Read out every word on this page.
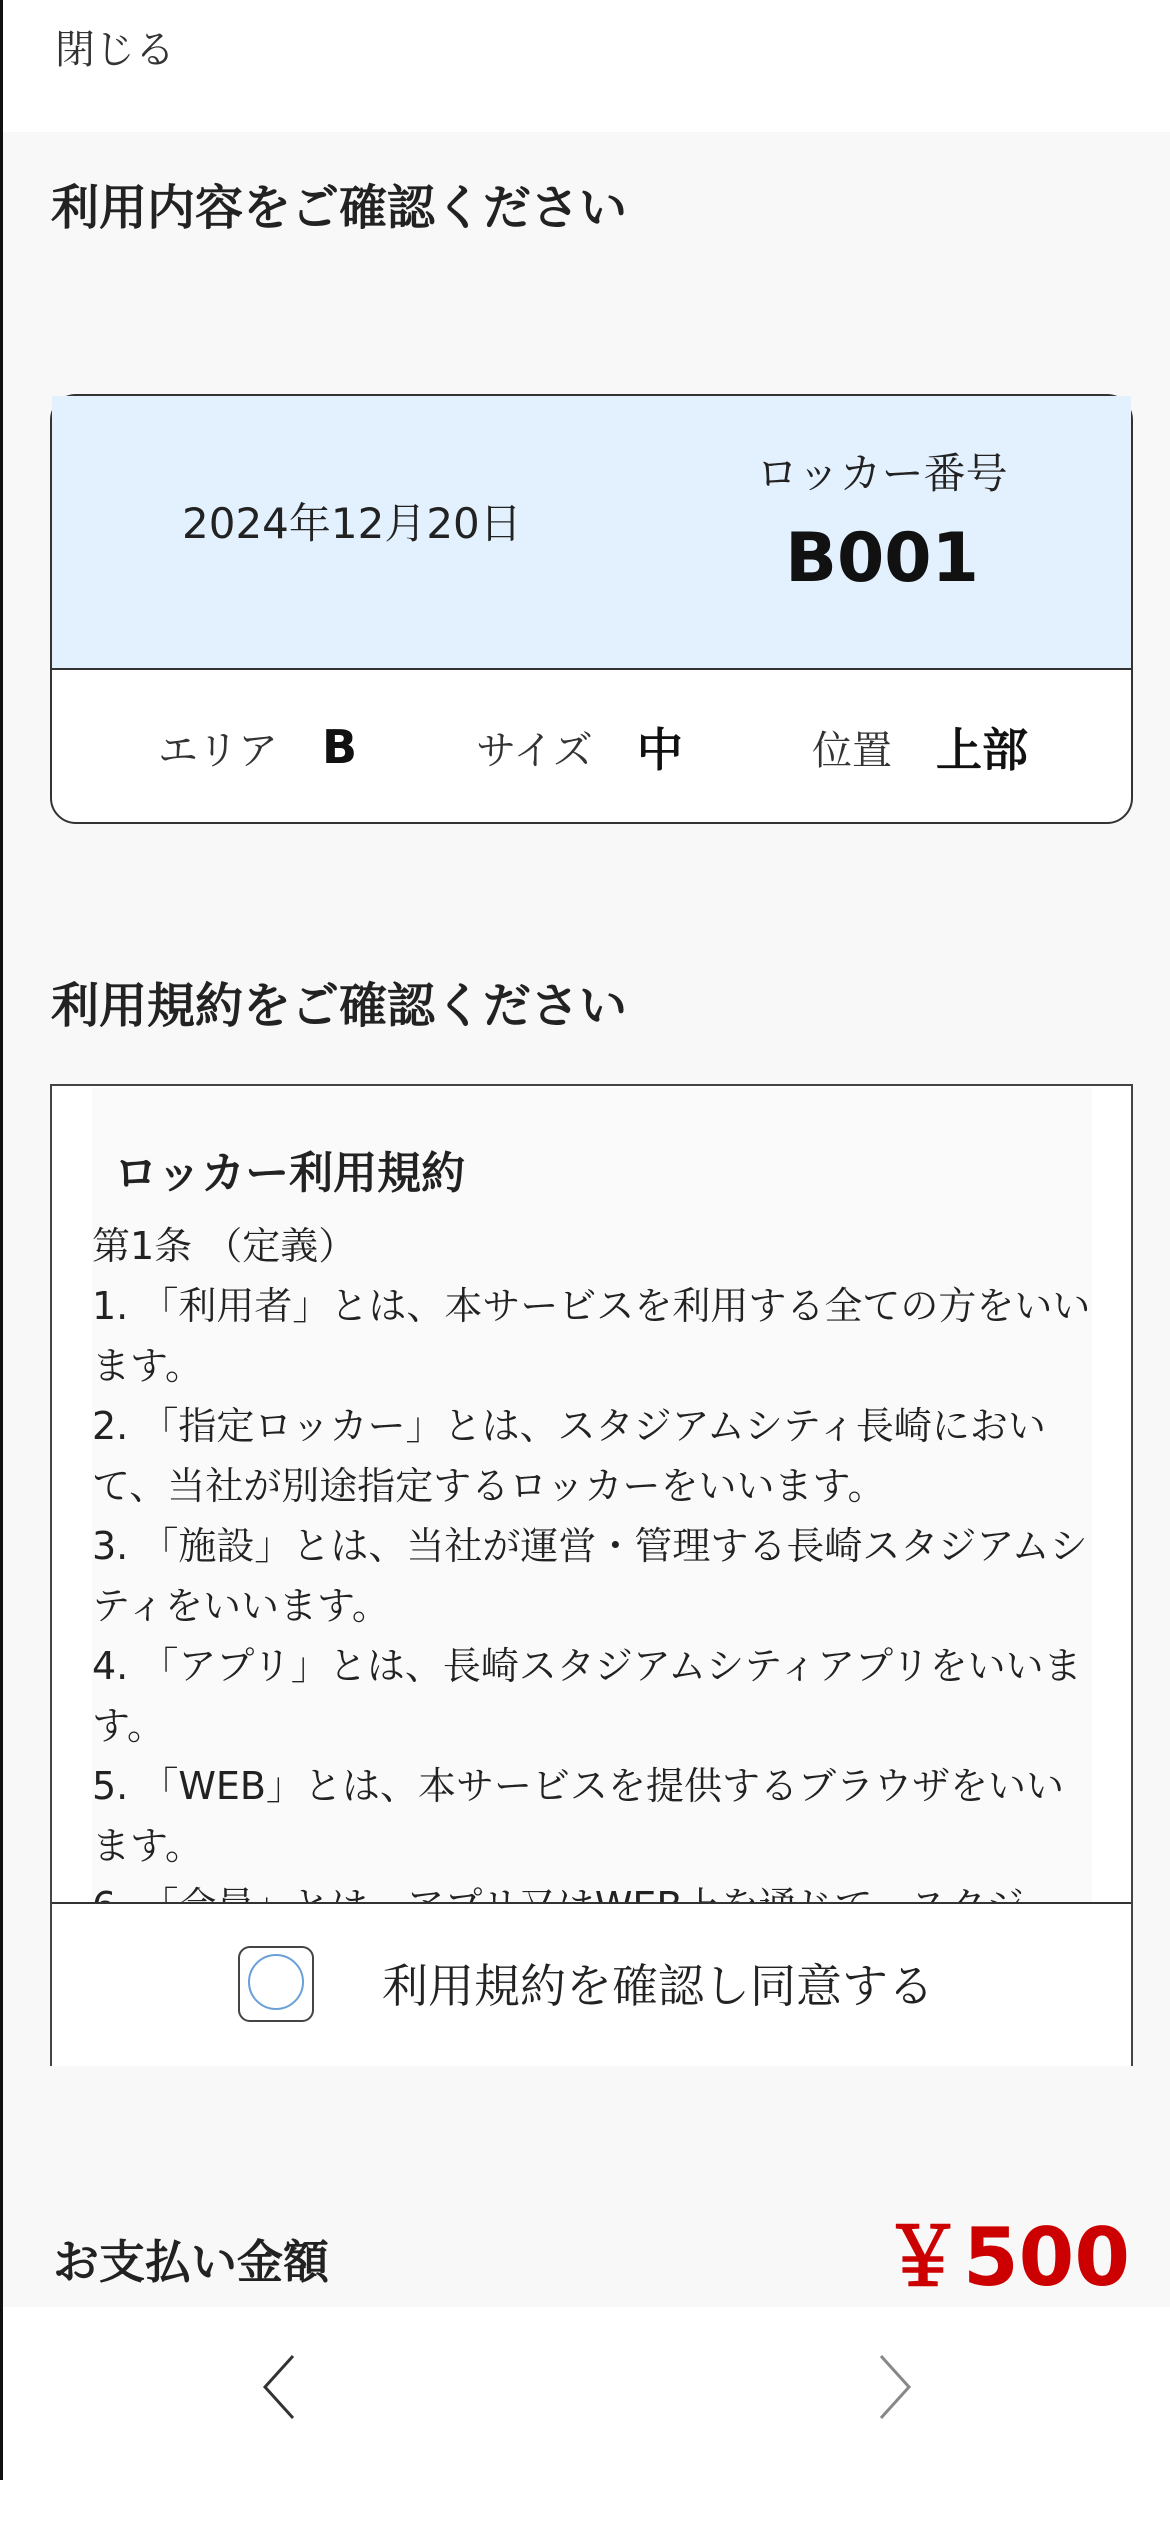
閉じる
利用内容をご確認ください
2024年12月20日
ロッカー番号
B001
エリア B	サイズ 中	位置 上部
利用規約をご確認ください
ロッカー利用規約
第1条 （定義）
1. 「利用者」とは、本サービスを利用する全ての方をいいます。
2. 「指定ロッカー」とは、スタジアムシティ長崎において、当社が別途指定するロッカーをいいます。
3. 「施設」とは、当社が運営・管理する長崎スタジアムシティをいいます。
4. 「アプリ」とは、長崎スタジアムシティアプリをいいます。
5. 「WEB」とは、本サービスを提供するブラウザをいいます。
利用規約を確認し同意する
お支払い金額	￥500
